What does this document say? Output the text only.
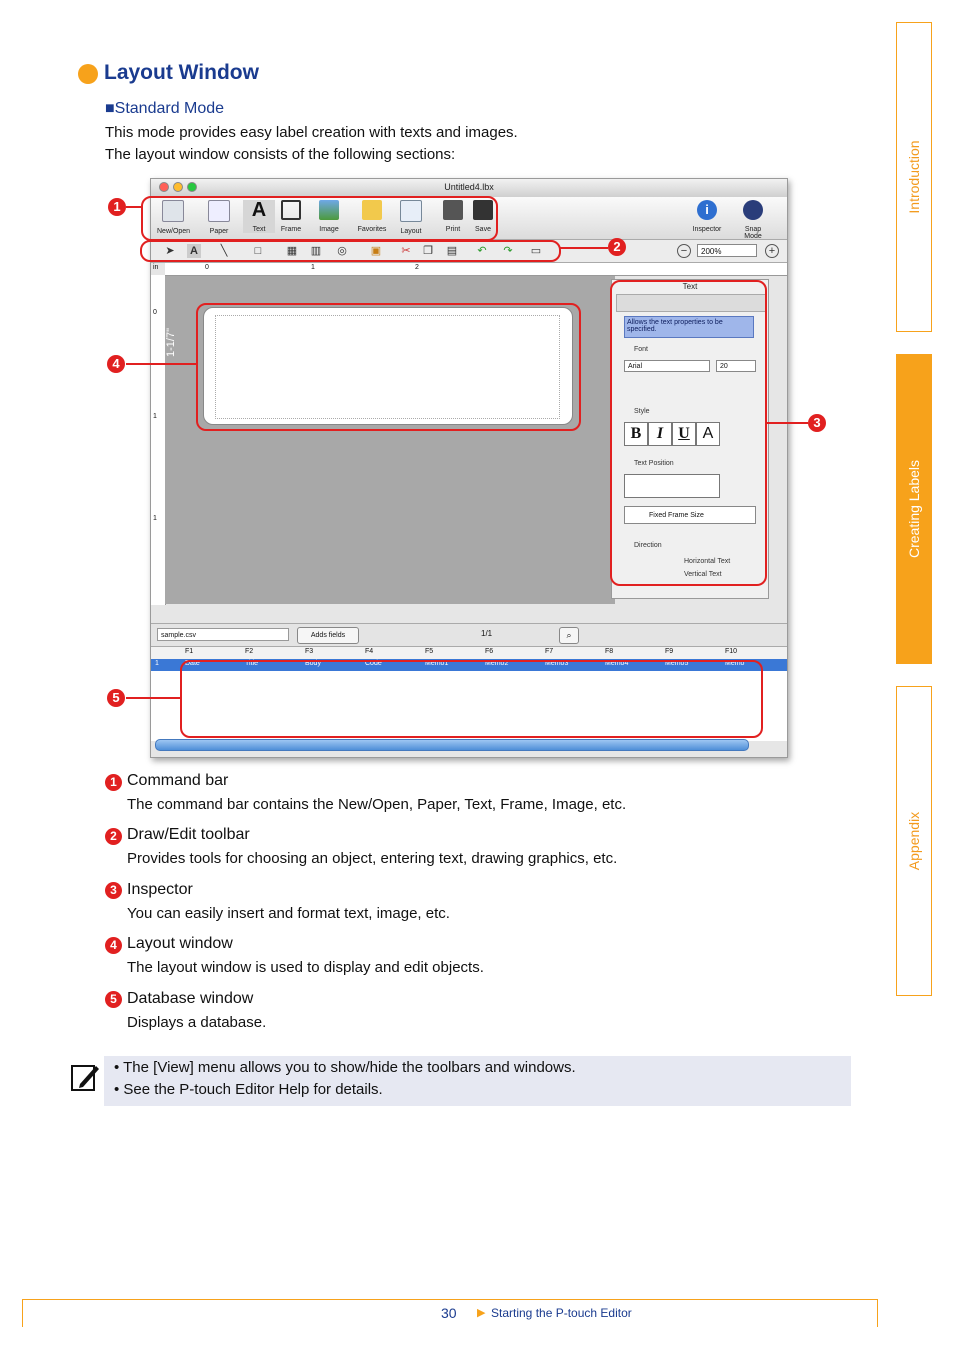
Layout Window
■Standard Mode
This mode provides easy label creation with texts and images.
The layout window consists of the following sections:	Introduction
Creating Labels
Appendix
Untitled4.lbx
New/Open	Paper
A
Text	Frame	Image	Favorites	Layout	Print	Save
i
Inspector	Snap Mode
➤ A	╲	□	▦ ▥ ◎ ▣ ✂ ❐ ▤ ↶ ↷ ▭	−	200%	+
in	0	1	2
0
1
1
1-1/7"
Text
Allows the text properties to be specified.
Font
Arial	20
Style
B I U A
Text Position
Fixed Frame Size
Direction
Horizontal Text
Vertical Text
sample.csv	Adds fields	1/1	⌕
F1	F2	F3	F4	F5	F6	F7	F8	F9	F10
1	Date	Title	Body	Code	Memo1	Memo2	Memo3	Memo4	Memo5	Memo
1
2
3
4
5
1 Command bar
The command bar contains the New/Open, Paper, Text, Frame, Image, etc.
2 Draw/Edit toolbar
Provides tools for choosing an object, entering text, drawing graphics, etc.
3 Inspector
You can easily insert and format text, image, etc.
4 Layout window
The layout window is used to display and edit objects.
5 Database window
Displays a database.
• The [View] menu allows you to show/hide the toolbars and windows.
• See the P-touch Editor Help for details.
30 ▶ Starting the P-touch Editor
